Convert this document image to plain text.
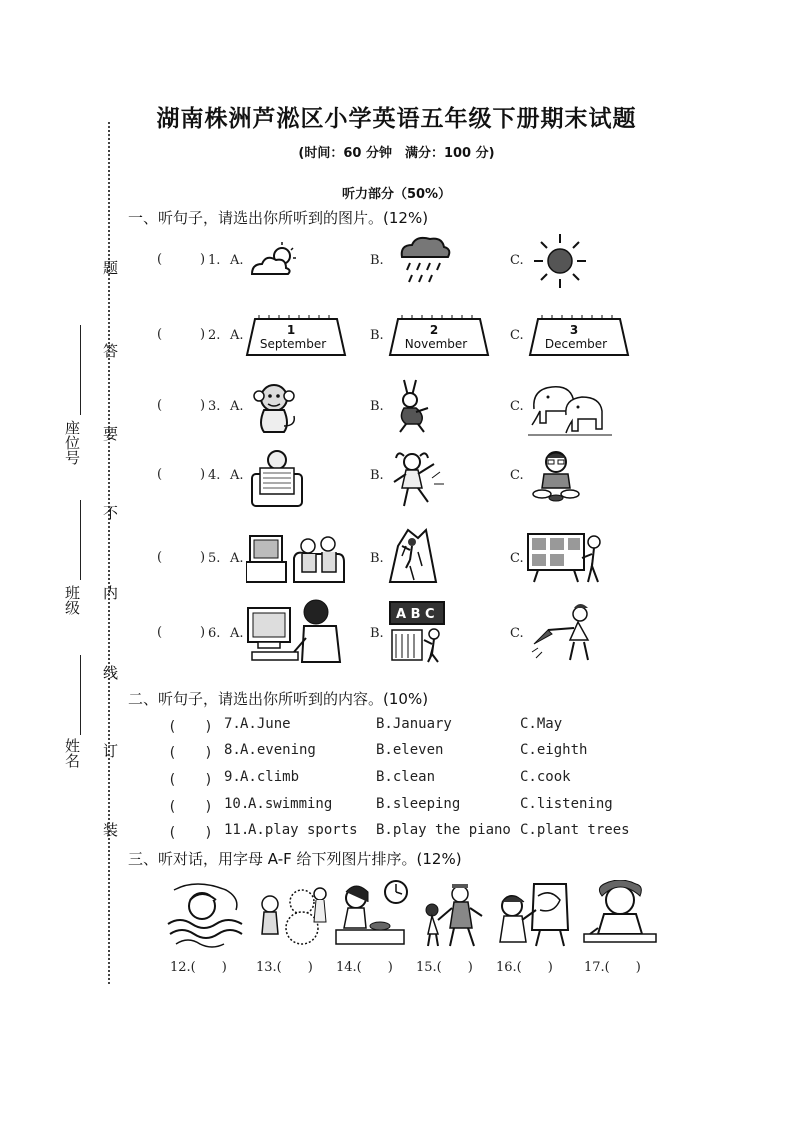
题
答
要
不
内
线
订
装
座位号
班级
姓名
湖南株洲芦淞区小学英语五年级下册期末试题
(时间：60 分钟　满分：100 分)
听力部分（50%）
一、听句子，请选出你所听到的图片。(12%)
(	) 1. A.	B.	C.
(	) 2. A.	B.	C.
1
September
2
November
3
December
(	) 3. A.	B.	C.
(	) 4. A.	B.	C.
(	) 5. A.	B.	C.
(	) 6. A.	B.	C.
A B C
二、听句子，请选出你所听到的内容。(10%)
(　　) 7. A.June	B.January	C.May
(　　) 8. A.evening	B.eleven	C.eighth
(　　) 9. A.climb	B.clean	C.cook
(　　) 10.
A.swimming	B.sleeping	C.listening
(　　) 11.
A.play sports B.play the piano C.plant trees
三、听对话，用字母 A-F 给下列图片排序。(12%)
12.(　　) 13.(　　) 14.(　　) 15.(　　) 16.(　　) 17.(　　)
